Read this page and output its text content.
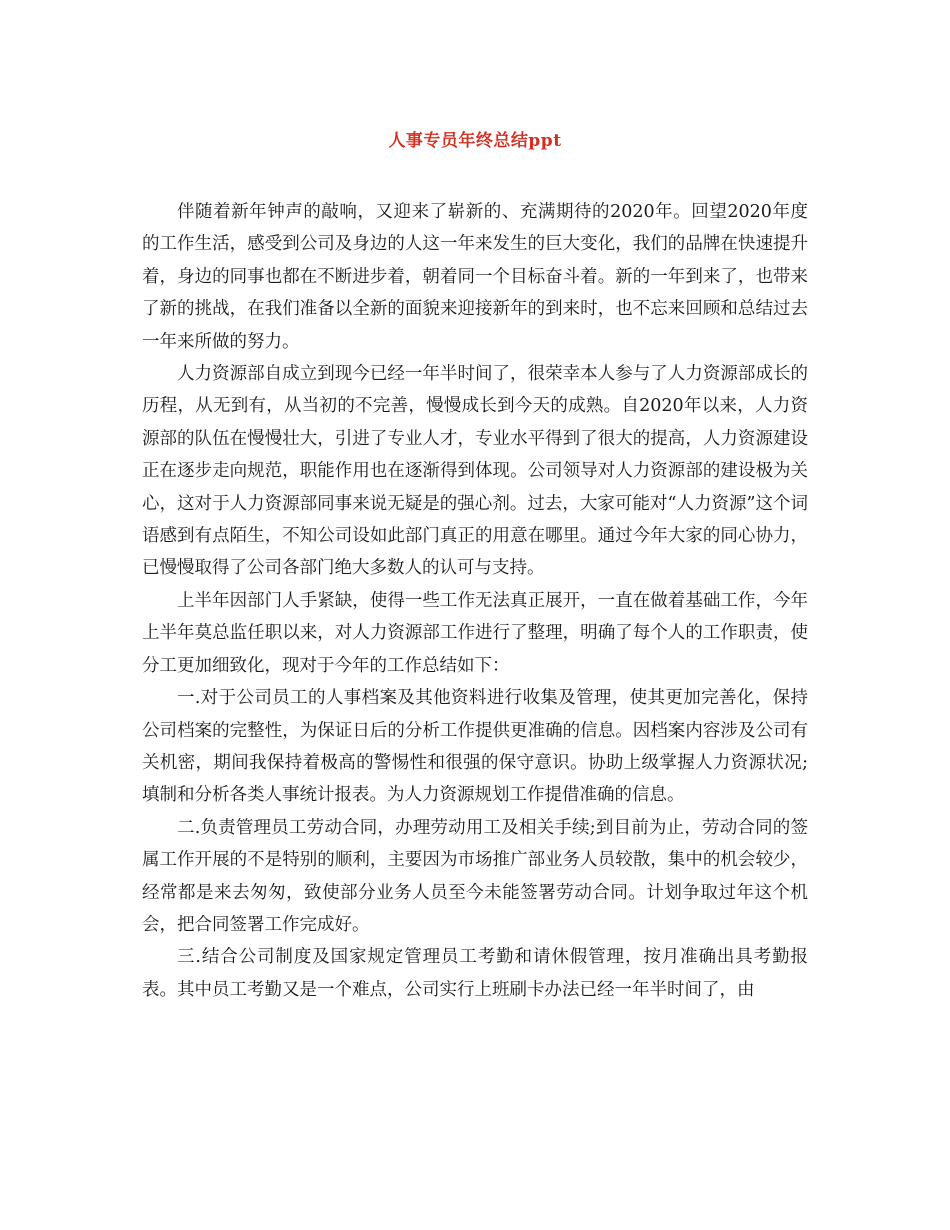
人事专员年终总结ppt

伴随着新年钟声的敲响，又迎来了崭新的、充满期待的2020年。回望2020年度的工作生活，感受到公司及身边的人这一年来发生的巨大变化，我们的品牌在快速提升着，身边的同事也都在不断进步着，朝着同一个目标奋斗着。新的一年到来了，也带来了新的挑战，在我们准备以全新的面貌来迎接新年的到来时，也不忘来回顾和总结过去一年来所做的努力。

人力资源部自成立到现今已经一年半时间了，很荣幸本人参与了人力资源部成长的历程，从无到有，从当初的不完善，慢慢成长到今天的成熟。自2020年以来，人力资源部的队伍在慢慢壮大，引进了专业人才，专业水平得到了很大的提高，人力资源建设正在逐步走向规范，职能作用也在逐渐得到体现。公司领导对人力资源部的建设极为关心，这对于人力资源部同事来说无疑是的强心剂。过去，大家可能对“人力资源”这个词语感到有点陌生，不知公司设如此部门真正的用意在哪里。通过今年大家的同心协力，已慢慢取得了公司各部门绝大多数人的认可与支持。

上半年因部门人手紧缺，使得一些工作无法真正展开，一直在做着基础工作，今年上半年莫总监任职以来，对人力资源部工作进行了整理，明确了每个人的工作职责，使分工更加细致化，现对于今年的工作总结如下：

一.对于公司员工的人事档案及其他资料进行收集及管理，使其更加完善化，保持公司档案的完整性，为保证日后的分析工作提供更准确的信息。因档案内容涉及公司有关机密，期间我保持着极高的警惕性和很强的保守意识。协助上级掌握人力资源状况;填制和分析各类人事统计报表。为人力资源规划工作提借准确的信息。

二.负责管理员工劳动合同，办理劳动用工及相关手续;到目前为止，劳动合同的签属工作开展的不是特别的顺利，主要因为市场推广部业务人员较散，集中的机会较少，经常都是来去匆匆，致使部分业务人员至今未能签署劳动合同。计划争取过年这个机会，把合同签署工作完成好。

三.结合公司制度及国家规定管理员工考勤和请休假管理，按月准确出具考勤报表。其中员工考勤又是一个难点，公司实行上班刷卡办法已经一年半时间了，由
